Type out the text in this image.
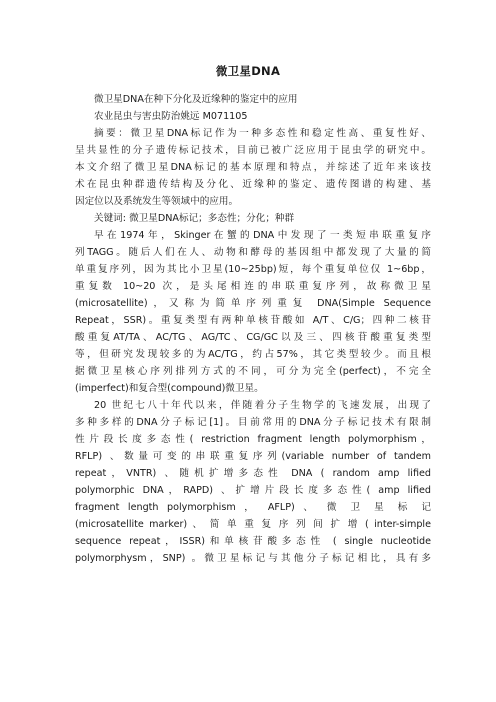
微卫星DNA
微卫星DNA在种下分化及近缘种的鉴定中的应用
农业昆虫与害虫防治姚远 M071105
摘要：微卫星DNA标记作为一种多态性和稳定性高、重复性好、
呈共显性的分子遗传标记技术，目前已被广泛应用于昆虫学的研究中。
本文介绍了微卫星DNA标记的基本原理和特点，并综述了近年来该技
术在昆虫种群遗传结构及分化、近缘种的鉴定、遗传图谱的构建、基
因定位以及系统发生等领域中的应用。
关键词: 微卫星DNA标记；多态性；分化；种群
早在1974年，Skinger在蟹的DNA中发现了一类短串联重复序
列TAGG。随后人们在人、动物和酵母的基因组中都发现了大量的简
单重复序列，因为其比小卫星(10~25bp)短，每个重复单位仅 1~6bp，
重复数 10~20 次，是头尾相连的串联重复序列，故称微卫星
(microsatellite)，又称为简单序列重复 DNA(Simple Sequence
Repeat，SSR)。重复类型有两种单核苷酸如 A/T、C/G；四种二核苷
酸重复AT/TA、AC/TG、AG/TC、CG/GC以及三、四核苷酸重复类型
等，但研究发现较多的为AC/TG，约占57%，其它类型较少。而且根
据微卫星核心序列排列方式的不同，可分为完全(perfect)，不完全
(imperfect)和复合型(compound)微卫星。
20 世纪七八十年代以来，伴随着分子生物学的飞速发展，出现了
多种多样的DNA分子标记[1]。目前常用的DNA分子标记技术有限制
性片段长度多态性( restriction fragment length polymorphism，
RFLP) 、数量可变的串联重复序列(variable number of tandem
repeat，VNTR) 、随机扩增多态性 DNA ( random amp lified
polymorphic DNA，RAPD) 、扩增片段长度多态性( amp lified
fragment length polymorphism ， AFLP) 、 微 卫 星 标 记
(microsatellite marker) 、 简 单 重 复 序 列 间 扩 增 ( inter-simple
sequence repeat，ISSR)和单核苷酸多态性 ( single nucleotide
polymorphysm，SNP) 。微卫星标记与其他分子标记相比，具有多
